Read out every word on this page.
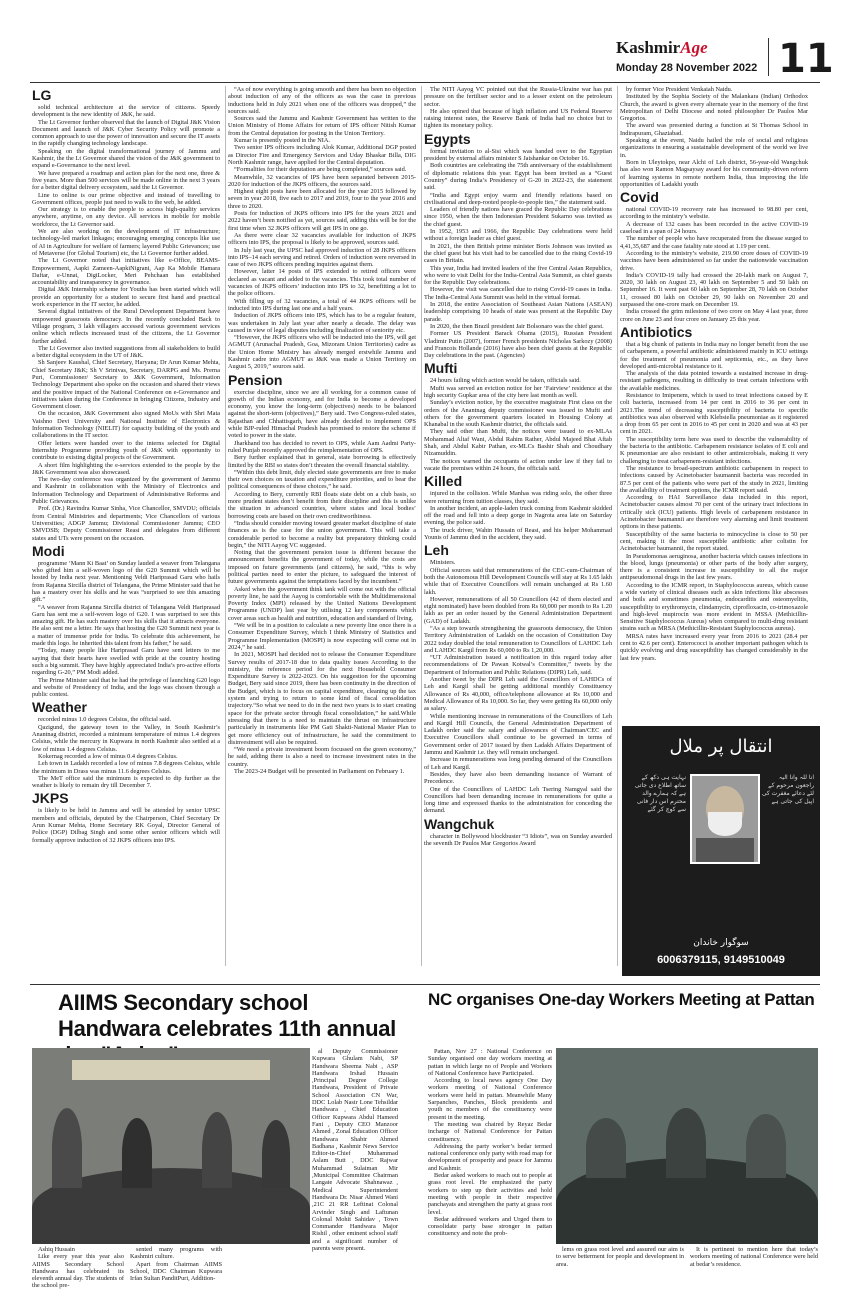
KashmirAge
Monday 28 November 2022 11
LG

solid technical architecture at the service of citizens. Speedy development is the new identity of J&K, he said.

The Lt Governor further observed that the launch of Digital J&K Vision Document and launch of J&K Cyber Security Policy will promote a common approach to use the power of innovation and secure the IT assets in the rapidly changing technology landscape.

Speaking on the digital transformational journey of Jammu and Kashmir, the the Lt Governor shared the vision of the J&K government to expand e-Governance to the next level.

We have prepared a roadmap and action plan for the next one, three & five years. More than 500 services will be made online in the next 3 years for a better digital delivery ecosystem, said the Lt Governor.

Line to online is our prime objective and instead of travelling to Government offices, people just need to walk to the web, he added.

Our strategy is to enable the people to access high-quality services anywhere, anytime, on any device. All services in mobile for mobile workforce, the Lt Governor said.

We are also working on the development of IT infrastructure; technology-led market linkages; encouraging emerging concepts like use of AI in Agriculture for welfare of farmers; layered Public Grievances; use of Metaverse (for Global Tourism) etc, the Lt Governor further added.

The Lt Governor noted that initiatives like e-Office, BEAMS-Empowerment, Aapki Zameen-AapkiNigrani, Aap Ka Mobile Hamara Daftar, e-Unnat, DigiLocker, Meri Pehchaan has established accountability and transparency in governance.

Digital J&K Internship scheme for Youths has been started which will provide an opportunity for a student to secure first hand and practical work experience in the IT sector, he added.

Several digital initiatives of the Rural Development Department have empowered grassroots democracy. In the recently concluded Back to Village program, 3 lakh villagers accessed various government services online which reflects increased trust of the citizens, the Lt Governor further added.

The Lt Governor also invited suggestions from all stakeholders to build a better digital ecosystem in the UT of J&K.

Sh Sanjeev Kaushal, Chief Secretary, Haryana; Dr Arun Kumar Mehta, Chief Secretary J&K; Sh V Srinivas, Secretary, DARPG and Ms. Prerna Puri, Commissioner/ Secretary to J&K Government, Information Technology Department also spoke on the occasion and shared their views and the positive impact of the National Conference on e-Governance and initiatives taken during the Conference in bringing Citizens, Industry and Government closer.

On the occasion, J&K Government also signed MoUs with Shri Mata Vaishno Devi University and National Institute of Electronics & Information Technology (NIELIT) for capacity building of the youth and collaborations in the IT sector.

Offer letters were handed over to the interns selected for Digital Internship Programme providing youth of J&K with opportunity to contribute to existing digital projects of the Government.

A short film highlighting the e-services extended to the people by the J&K Government was also showcased.

The two-day conference was organized by the government of Jammu and Kashmir in collaboration with the Ministry of Electronics and Information Technology and Department of Administrative Reforms and Public Grievances.

Prof. (Dr.) Ravindra Kumar Sinha, Vice Chancellor, SMVDU; officials from Central Ministries and departments; Vice Chancellors of various Universities; ADGP Jammu; Divisional Commissioner Jammu; CEO SMVDSB; Deputy Commissioner Reasi and delegates from different states and UTs were present on the occasion.

Modi

programme ‘Mann Ki Baat’ on Sunday lauded a weaver from Telangana who gifted him a self-woven logo of the G20 Summit which will be hosted by India next year. Mentioning Veldi Hariprasad Garu who hails from Rajanna Sircilla district of Telangana, the Prime Minister said that he has a mastery over his skills and he was “surprised to see this amazing gift.”

“A weaver from Rajanna Sircilla district of Telangana Veldi Hariprasad Garu has sent me a self-woven logo of G20. I was surprised to see this amazing gift. He has such mastery over his skills that it attracts everyone. He also sent me a letter. He says that hosting the G20 Summit next year is a matter of immense pride for India. To celebrate this achievement, he made this logo. he inherited this talent from his father,” he said.

“Today, many people like Hariprasad Garu have sent letters to me saying that their hearts have swelled with pride at the country hosting such a big summit. They have highly appreciated India’s pro-active efforts regarding G-20,” PM Modi added.

The Prime Minister said that he had the privilege of launching G20 logo and website of Presidency of India, and the logo was chosen through a public contest.

Weather

recorded minus 1.0 degrees Celsius, the official said.

Qazigund, the gateway town to the Valley, in South Kashmir’s Anantnag district, recorded a minimum temperature of minus 1.4 degrees Celsius, while the mercury in Kupwara in north Kashmir also settled at a low of minus 1.4 degrees Celsius.

Kokernag recorded a low of minus 0.4 degrees Celsius.

Leh town in Ladakh recorded a low of minus 7.8 degrees Celsius, while the minimum in Drass was minus 11.6 degrees Celsius.

The MeT office said the minimum is expected to dip further as the weather is likely to remain dry till December 7.

JKPS

is likely to be held in Jammu and will be attended by senior UPSC members and officials, deputed by the Chairperson, Chief Secretary Dr Arun Kumar Mehta, Home Secretary RK Goyal, Director General of Police (DGP) Dilbag Singh and some other senior officers which will formally approve induction of 32 JKPS officers into IPS.

“As of now everything is going smooth and there has been no objection about induction of any of the officers as was the case in previous inductions held in July 2021 when one of the officers was dropped,” the sources said.

Sources said the Jammu and Kashmir Government has written to the Union Ministry of Home Affairs for return of IPS officer Nitish Kumar from the Central deputation for posting in the Union Territory.

Kumar is presently posted in the NIA.

Two senior IPS officers including Alok Kumar, Additional DGP posted as Director Fire and Emergency Services and Uday Bhaskar Billa, DIG North Kashmir range, have applied for the Central deputation.

“Formalities for their deputation are being completed,” sources said.

Meanwhile, 32 vacancies of IPS have been separated between 2015-2020 for induction of the JKPS officers, the sources said.

Highest eight posts have been allocated for the year 2015 followed by seven in year 2018, five each to 2017 and 2019, four to the year 2016 and three to 2020.

Posts for induction of JKPS officers into IPS for the years 2021 and 2022 haven’t been notified as yet, sources said, adding this will be for the first time when 32 JKPS officers will get IPS in one go.

As there were clear 32 vacancies available for induction of JKPS officers into IPS, the proposal is likely to be approved, sources said.

In July last year, the UPSC had approved induction of 28 JKPS officers into IPS–14 each serving and retired. Orders of induction were reversed in case of two JKPS officers pending inquiries against them.

However, latter 14 posts of IPS extended to retired officers were declared as vacant and added to the vacancies. This took total number of vacancies of JKPS officers’ induction into IPS to 32, benefitting a lot to the police officers.

With filling up of 32 vacancies, a total of 44 JKPS officers will be inducted into IPS during last one and a half years.

Induction of JKPS officers into IPS, which has to be a regular feature, was undertaken in July last year after nearly a decade. The delay was caused in view of legal disputes including finalization of seniority etc.

“However, the JKPS officers who will be inducted into the IPS, will get AGMUT (Arunachal Pradesh, Goa, Mizoram Union Territories) cadre as the Union Home Ministry has already merged erstwhile Jammu and Kashmir cadre into AGMUT as J&K was made a Union Territory on August 5, 2019,” sources said.

Pension

exercise discipline, since we are all working for a common cause of growth of the Indian economy, and for India to become a developed economy, you know the long-term (objectives) needs to be balanced against the short-term (objectives),” Bery said. Two Congress-ruled states, Rajasthan and Chhattisgarh, have already decided to implement OPS while BJP-ruled Himachal Pradesh has promised to restore the scheme if voted to power in the state.

Jharkhand too has decided to revert to OPS, while Aam Aadmi Party-ruled Punjab recently approved the reimplementation of OPS.

Bery further explained that in general, state borrowing is effectively limited by the RBI so states don’t threaten the overall financial stability.

“Within this debt limit, duly elected state governments are free to make their own choices on taxation and expenditure priorities, and to bear the political consequences of these choices,” he said.

According to Bery, currently RBI floats state debt on a club basis, so more prudent states don’t benefit from their discipline and this is unlike the situation in advanced countries, where states and local bodies’ borrowing costs are based on their own creditworthiness.

“India should consider moving toward greater market discipline of state finances as is the case for the union government. This will take a considerable period to become a reality but preparatory thinking could begin,” the NITI Aayog VC suggested.

Noting that the government pension issue is different because the announcement benefits the government of today, while the costs are imposed on future governments (and citizens), he said, “this is why political parties need to enter the picture, to safeguard the interest of future governments against the temptations faced by the incumbent.”

Asked when the government think tank will come out with the official poverty line, he said the Aayog is comfortable with the Multidimensional Poverty Index (MPI) released by the United Nations Development Programme (UNDP) last year by utilising 12 key components which cover areas such as health and nutrition, education and standard of living.

“We will be in a position to calculate a new poverty line once there is a Consumer Expenditure Survey, which I think Ministry of Statistics and Programme Implementation (MOSPI) is now expecting will come out in 2024,” he said.

In 2021, MOSPI had decided not to release the Consumer Expenditure Survey results of 2017-18 due to data quality issues According to the ministry, the reference period for the next Household Consumer Expenditure Survey is 2022-2023. On his suggestion for the upcoming Budget, Bery said since 2019, there has been continuity in the direction of the Budget, which is to focus on capital expenditure, cleaning up the tax system and trying to return to some kind of fiscal consolidation trajectory.“So what we need to do in the next two years is to start creating space for the private sector through fiscal consolidation,” he said.While stressing that there is a need to maintain the thrust on infrastructure particularly in instruments like PM Gati Shakti-National Master Plan to get more efficiency out of infrastructure, he said the commitment to disinvestment will also be required.

“We need a private investment boom focussed on the green economy,” he said, adding there is also a need to increase investment rates in the country.

The 2023-24 Budget will be presented in Parliament on February 1.

The NITI Aayog VC pointed out that the Russia-Ukraine war has put pressure on the fertiliser sector and to a lesser extent on the petroleum sector.

He also opined that because of high inflation and US Federal Reserve raising interest rates, the Reserve Bank of India had no choice but to tighten its monetary policy.

Egypts

formal invitation to al-Sisi which was handed over to the Egyptian president by external affairs minister S Jaishankar on October 16.

Both countries are celebrating the 75th anniversary of the establishment of diplomatic relations this year. Egypt has been invited as a “Guest Country” during India’s Presidency of G-20 in 2022-23, the statement said.

“India and Egypt enjoy warm and friendly relations based on civilisational and deep-rooted people-to-people ties,” the statement said.

Leaders of friendly nations have graced the Republic Day celebrations since 1950, when the then Indonesian President Sukarno was invited as the chief guest.

In 1952, 1953 and 1966, the Republic Day celebrations were held without a foreign leader as chief guest.

In 2021, the then British prime minister Boris Johnson was invited as the chief guest but his visit had to be cancelled due to the rising Covid-19 cases in Britain.

This year, India had invited leaders of the five Central Asian Republics, who were to visit Delhi for the India-Central Asia Summit, as chief guests for the Republic Day celebrations.

However, the visit was cancelled due to rising Covid-19 cases in India. The India-Central Asia Summit was held in the virtual format.

In 2018, the entire Association of Southeast Asian Nations (ASEAN) leadership comprising 10 heads of state was present at the Republic Day parade.

In 2020, the then Brazil president Jair Bolsonaro was the chief guest.

Former US President Barack Obama (2015), Russian President Vladimir Putin (2007), former French presidents Nicholas Sarkozy (2008) and Francois Hollande (2016) have also been chief guests at the Republic Day celebrations in the past. (Agencies)

Mufti

24 hours failing which action would be taken, officials said.

Mufti was served an eviction notice for her ‘Fairview’ residence at the high security Gupkar area of the city here last month as well.

Sunday’s eviction notice, by the executive magistrate First class on the orders of the Anantnag deputy commissioner was issued to Mufti and others for the government quarters located in Housing Colony at Khanabal in the south Kashmir district, the officials said.

They said other than Mufti, the notices were issued to ex-MLAs Mohammad Altaf Wani, Abdul Rahim Rather, Abdul Majeed Bhat Aftab Shah, and Abdul Kabir Pathan, ex-MLCs Bashir Shah and Choudhary Nizamuddin.

The notices warned the occupants of action under law if they fail to vacate the premises within 24 hours, the officials said.

Killed

injured in the collision. While Manhas was riding solo, the other three were returning from tuition classes, they said.

In another incident, an apple-laden truck coming from Kashmir skidded off the road and fell into a deep gorge in Nagrota area late on Saturday evening, the police said.

The truck driver, Wahin Hussain of Reasi, and his helper Mohammad Younis of Jammu died in the accident, they said.

Leh

Ministers.

Official sources said that remunerations of the CEC-cum-Chairman of both the Autonomous Hill Development Councils will stay at Rs 1.65 lakh while that of Executive Councillors will remain unchanged at Rs 1.60 lakh.

However, remunerations of all 50 Councillors (42 of them elected and eight nominated) have been doubled from Rs 60,000 per month to Rs 1.20 lakh as per an order issued by the General Administration Department (GAD) of Ladakh.

“As a step towards strengthening the grassroots democracy, the Union Territory Administration of Ladakh on the occasion of Constitution Day 2022 today doubled the total remuneration to Councillors of LAHDC Leh and LAHDC Kargil from Rs 60,000 to Rs 1,20,000.

“UT Administration issued a notification in this regard today after recommendations of Dr Pawan Kotwal’s Committee,” tweets by the Department of Information and Public Relations (DIPR) Leh, said.

Another tweet by the DIPR Leh said the Councillors of LAHDCs of Leh and Kargil shall be getting additional monthly Constituency Allowance of Rs 40,000, office/telephone allowance at Rs 10,000 and Medical Allowance of Rs 10,000. So far, they were getting Rs 60,000 only as salary.

While mentioning increase in remunerations of the Councillors of Leh and Kargil Hill Councils, the General Administration Department of Ladakh order said the salary and allowances of Chairman/CEC and Executive Councillors shall continue to be governed in terms of Government order of 2017 issued by then Ladakh Affairs Department of Jammu and Kashmir i.e. they will remain unchanged.

Increase in remunerations was long pending demand of the Councillors of Leh and Kargil.

Besides, they have also been demanding issuance of Warrant of Precedence.

One of the Councillors of LAHDC Leh Tsering Namgyal said the Councillors had been demanding increase in remunerations for quite a long time and expressed thanks to the administration for conceding the demand.

Wangchuk

character in Bollywood blockbuster “3 Idiots”, was on Sunday awarded the seventh Dr Paulos Mar Gregorios Award

by former Vice President Venkaiah Naidu.

Instituted by the Sophia Society of the Malankara (Indian) Orthodox Church, the award is given every alternate year in the memory of the first Metropolitan of Delhi Diocese and noted philosopher Dr Paulos Mar Gregorios.

The award was presented during a function at St Thomas School in Indirapuram, Ghaziabad.

Speaking at the event, Naidu hailed the role of social and religious organizations in ensuring a sustainable development of the world we live in.

Born in Uleytokpo, near Alchi of Leh district, 56-year-old Wangchuk has also won Ramon Magsaysay award for his community-driven reform of learning systems in remote northern India, thus improving the life opportunities of Ladakhi youth

Covid

national COVID-19 recovery rate has increased to 98.80 per cent, according to the ministry’s website.

A decrease of 132 cases has been recorded in the active COVID-19 caseload in a span of 24 hours.

The number of people who have recuperated from the disease surged to 4,41,35,687 and the case fatality rate stood at 1.19 per cent.

According to the ministry’s website, 219.90 crore doses of COVID-19 vaccines have been administered so far under the nationwide vaccination drive.

India’s COVID-19 tally had crossed the 20-lakh mark on August 7, 2020, 30 lakh on August 23, 40 lakh on September 5 and 50 lakh on September 16. It went past 60 lakh on September 28, 70 lakh on October 11, crossed 80 lakh on October 29, 90 lakh on November 20 and surpassed the one-crore mark on December 19.

India crossed the grim milestone of two crore on May 4 last year, three crore on June 23 and four crore on January 25 this year.

Antibiotics

that a big chunk of patients in India may no longer benefit from the use of carbapenem, a powerful antibiotic administered mainly in ICU settings for the treatment of pneumonia and septicemia, etc., as they have developed anti-microbial resistance to it.

The analysis of the data pointed towards a sustained increase in drug-resistant pathogens, resulting in difficulty to treat certain infections with the available medicines.

Resistance to Imipenem, which is used to treat infections caused by E coli bacteria, increased from 14 per cent in 2016 to 36 per cent in 2021.The trend of decreasing susceptibility of bacteria to specific antibiotics was also observed with Klebsiella pneumoniae as it registered a drop from 65 per cent in 2016 to 45 per cent in 2020 and was at 43 per cent in 2021.

The susceptibility term here was used to describe the vulnerability of the bacteria to the antibiotic. Carbapenem resistance isolates of E coli and K pneumoniae are also resistant to other antimicrobials, making it very challenging to treat carbapenem-resistant infections.

The resistance to broad-spectrum antibiotic carbapenem in respect to infections caused by Acinetobacter baumannii bacteria was recorded in 87.5 per cent of the patients who were part of the study in 2021, limiting the availability of treatment options, the ICMR report said.

According to HAI Surveillance data included in this report, Acinetobacter causes almost 70 per cent of the urinary tract infections in critically sick (ICU) patients. High levels of carbapenem resistance in Acinetobacter baumannii are therefore very alarming and limit treatment options in these patients.

Susceptibility of the same bacteria to minocycline is close to 50 per cent, making it the most susceptible antibiotic after colistin for Acinetobacter baumannii, the report stated.

In Pseudomonas aeruginosa, another bacteria which causes infections in the blood, lungs (pneumonia) or other parts of the body after surgery, there is a consistent increase in susceptibility to all the major antipseudomonal drugs in the last few years.

According to the ICMR report, in Staphylococcus aureus, which cause a wide variety of clinical diseases such as skin infections like abscesses and boils and sometimes pneumonia, endocarditis and osteomyelitis, susceptibility to erythromycin, clindamycin, ciprofloxacin, co-trimoxazole and high-level mupirocin was more evident in MSSA (Methicillin-Sensitive Staphylococcus Aureus) when compared to multi-drug resistant strains such as MRSA (Methicillin-Resistant Staphylococcus aureus).

MRSA rates have increased every year from 2016 to 2021 (28.4 per cent to 42.6 per cent). Enterococci is another important pathogen which is quickly evolving and drug susceptibility has changed considerably in the last few years.

انتقال پر ملال
انا للہ وانا الیہ راجعون مرحوم کے لئے دعائے مغفرت کی اپیل کی جاتی ہے
نہایت ہی دکھ کے ساتھ اطلاع دی جاتی ہے کہ ہمارے والد محترم اس دار فانی سے کوچ کر گئے
سوگوار خاندان
6006379115, 9149510049
AIIMS Secondary school Handwara celebrates 11th annual

Ashiq Hussain

Like every year this year also AIIMS Secondary School Handwara has celebrated its eleventh annual day. The students of the school pre-

sented many programs with Kashmiri culture.

Apart from Chairman AIIMS School, DDC Chairman Kupwara Irfan Sultan PanditPuri, Addition-

al Deputy Commissioner Kupwara Ghulam Nabi, SP Handwara Sheema Nabi , ASP Handwara Irshad Hussain ,Principal Degree College Handwara, President of Private School Association CN War, DDC Lolab Nasir Lone Tehsildar Handwara , Chief Education Officer Kupwara Abdul Hameed Fani , Deputy CEO Manzoor Ahmed , Zonal Education Officer Handwara Shabir Ahmed Badhana , Kashmir News Service Editor-in-Chief Muhammad Aslam Butt , DDC Rajwar Muhammad Sulaiman Mir ,Municipal Committee Chairman Langate Advocate Shahnawaz , Medical Superintendent Handwara Dr. Nisar Ahmed Wani ,21C 21 RR Leftinat Colonal Arvinder Singh and Laftunan Colonal Mohit Sahidav , Town Commander Handwara Major Rishil , other eminent school staff and a significant number of parents were present.

NC organises One-day Workers Meeting at Pattan

Pattan, Nov 27 : National Conference on Sunday organised one day workers meeting at pattan in which large no of People and Workers of National Conference have Participated.

According to local news agency One Day workers meeting of National Conference workers were held in pattan. Meanwhile Many Sarpanches, Panches, Block presidents and youth nc members of the constituency were present in the meeting.

The meeting was chaired by Reyaz Bedar incharge of National Conference for Pattan constituency.

Addressing the party worker’s bedar termed national conference only party with road map for development of prosperity and peace for Jammu and Kashmir.

Bedar asked workers to reach out to people at grass root level. He emphasized the party workers to step up their activities and hold meeting with people in their respective panchayats and strengthen the party at grass root level.

Bedar addressed workers and Urged them to consolidate party base stronger in pattan constituency and note the prob-

lems on grass root level and assured our aim is to serve betterment for people and development in area.

It is pertinent to mention here that today’s workers meeting of national Conference were held at bedar’s residence.
